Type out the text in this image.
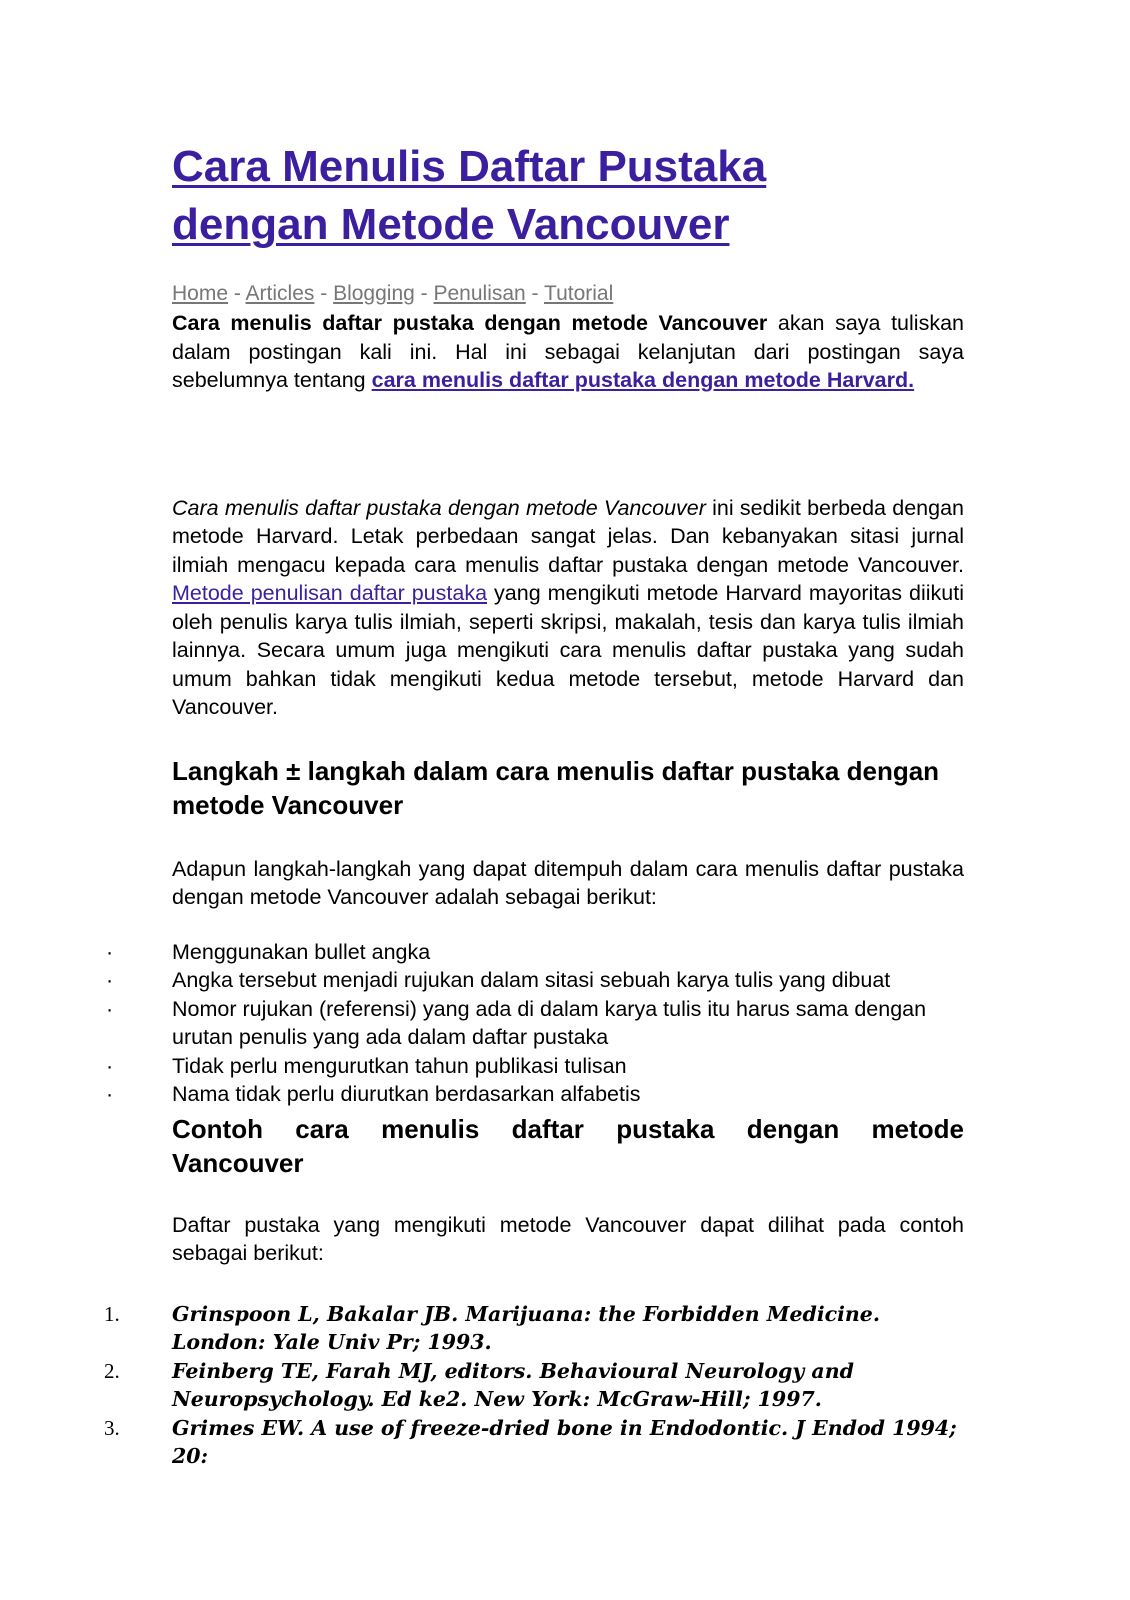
Cara Menulis Daftar Pustaka
dengan Metode Vancouver
Home - Articles - Blogging - Penulisan - Tutorial

Cara menulis daftar pustaka dengan metode Vancouver akan saya tuliskan dalam postingan kali ini. Hal ini sebagai kelanjutan dari postingan saya sebelumnya tentang cara menulis daftar pustaka dengan metode Harvard.

Cara menulis daftar pustaka dengan metode Vancouver ini sedikit berbeda dengan metode Harvard. Letak perbedaan sangat jelas. Dan kebanyakan sitasi jurnal ilmiah mengacu kepada cara menulis daftar pustaka dengan metode Vancouver. Metode penulisan daftar pustaka yang mengikuti metode Harvard mayoritas diikuti oleh penulis karya tulis ilmiah, seperti skripsi, makalah, tesis dan karya tulis ilmiah lainnya. Secara umum juga mengikuti cara menulis daftar pustaka yang sudah umum bahkan tidak mengikuti kedua metode tersebut, metode Harvard dan Vancouver.

Langkah ± langkah dalam cara menulis daftar pustaka dengan metode Vancouver

Adapun langkah-langkah yang dapat ditempuh dalam cara menulis daftar pustaka dengan metode Vancouver adalah sebagai berikut:

·	Menggunakan bullet angka
·	Angka tersebut menjadi rujukan dalam sitasi sebuah karya tulis yang dibuat
·	Nomor rujukan (referensi) yang ada di dalam karya tulis itu harus sama dengan urutan penulis yang ada dalam daftar pustaka
·	Tidak perlu mengurutkan tahun publikasi tulisan
·	Nama tidak perlu diurutkan berdasarkan alfabetis
Contoh cara menulis daftar pustaka dengan metode
Vancouver

Daftar pustaka yang mengikuti metode Vancouver dapat dilihat pada contoh sebagai berikut:

1.	Grinspoon L, Bakalar JB. Marijuana: the Forbidden Medicine. London: Yale Univ Pr; 1993.
2.	Feinberg TE, Farah MJ, editors. Behavioural Neurology and Neuropsychology. Ed ke2. New York: McGraw-Hill; 1997.
3.	Grimes EW. A use of freeze-dried bone in Endodontic. J Endod 1994; 20:
